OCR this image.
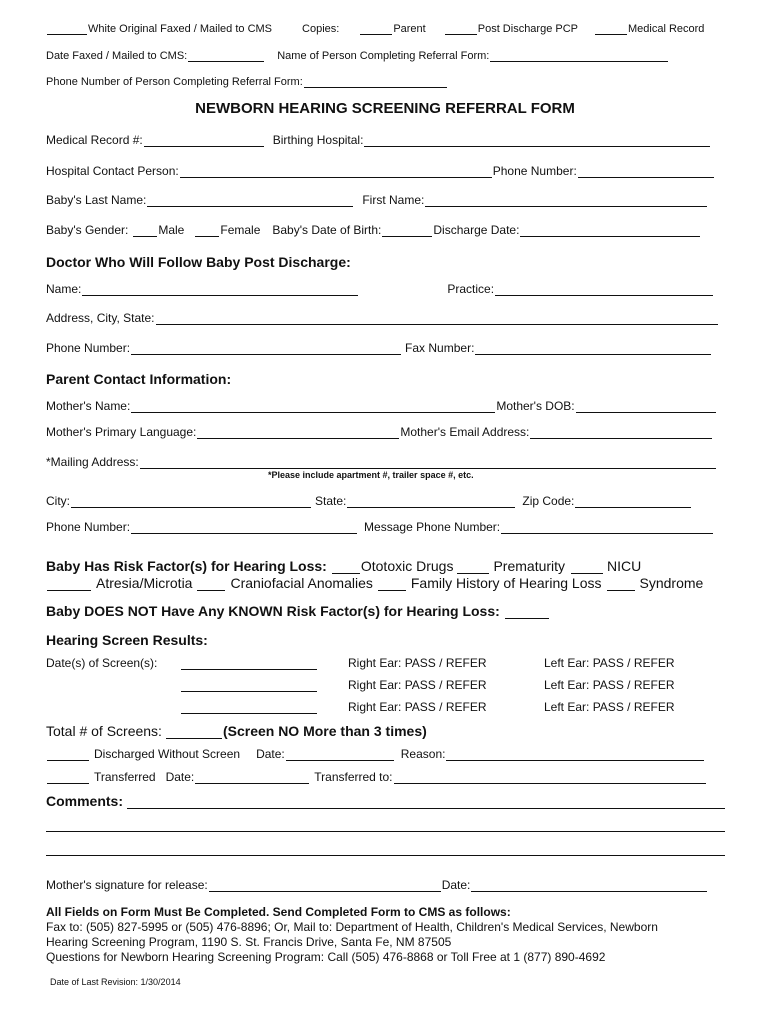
White Original Faxed / Mailed to CMS	Copies:	Parent	Post Discharge PCP	Medical Record
Date Faxed / Mailed to CMS:	Name of Person Completing Referral Form:
Phone Number of Person Completing Referral Form:
NEWBORN HEARING SCREENING REFERRAL FORM
Medical Record #:	Birthing Hospital:
Hospital Contact Person:	Phone Number:
Baby's Last Name:	First Name:
Baby's Gender:	Male	Female Baby's Date of Birth:	Discharge Date:
Doctor Who Will Follow Baby Post Discharge:
Name:	Practice:
Address, City, State:
Phone Number:	Fax Number:
Parent Contact Information:
Mother's Name:	Mother's DOB:
Mother's Primary Language:	Mother's Email Address:
*Mailing Address:
*Please include apartment #, trailer space #, etc.
City:	State:	Zip Code:
Phone Number:	Message Phone Number:
Baby Has Risk Factor(s) for Hearing Loss: Ototoxic Drugs	Prematurity	NICU
Atresia/Microtia	Craniofacial Anomalies	Family History of Hearing Loss	Syndrome
Baby DOES NOT Have Any KNOWN Risk Factor(s) for Hearing Loss:
Hearing Screen Results:
Date(s) of Screen(s):	Right Ear: PASS / REFER	Left Ear: PASS / REFER
Right Ear: PASS / REFER	Left Ear: PASS / REFER
Right Ear: PASS / REFER	Left Ear: PASS / REFER
Total # of Screens:	(Screen NO More than 3 times)
Discharged Without Screen Date:	Reason:
Transferred Date:	Transferred to:
Comments:
Mother's signature for release:	Date:
All Fields on Form Must Be Completed. Send Completed Form to CMS as follows:
Fax to: (505) 827-5995 or (505) 476-8896; Or, Mail to: Department of Health, Children's Medical Services, Newborn
Hearing Screening Program, 1190 S. St. Francis Drive, Santa Fe, NM 87505
Questions for Newborn Hearing Screening Program: Call (505) 476-8868 or Toll Free at 1 (877) 890-4692
Date of Last Revision: 1/30/2014
